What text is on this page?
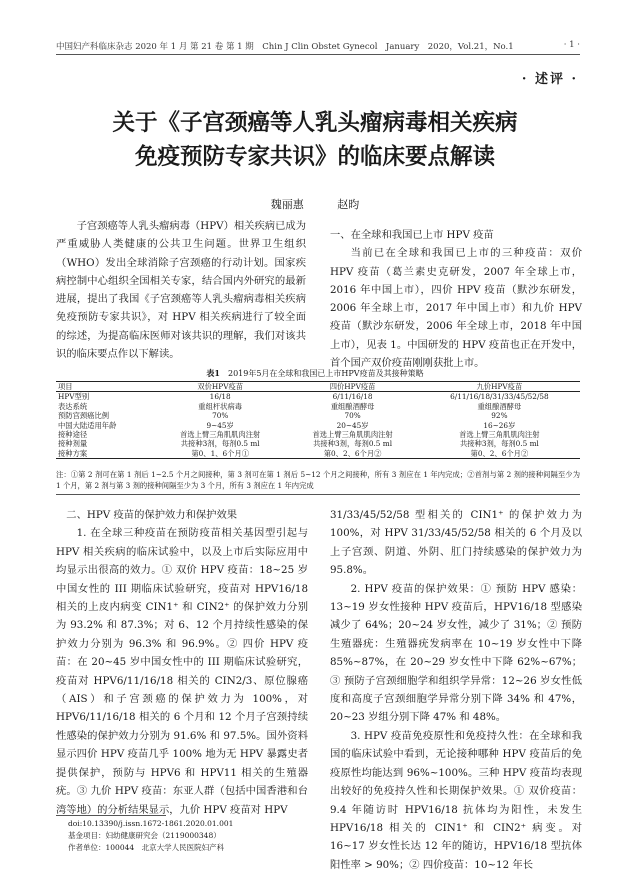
中国妇产科临床杂志 2020 年 1 月 第 21 卷 第 1 期　Chin J Clin Obstet Gynecol　January　2020，Vol.21，No.1	· 1 ·
· 述评 ·
关于《子宫颈癌等人乳头瘤病毒相关疾病
免疫预防专家共识》的临床要点解读
魏丽惠 赵昀
子宫颈癌等人乳头瘤病毒（HPV）相关疾病已成为严重威胁人类健康的公共卫生问题。世界卫生组织（WHO）发出全球消除子宫颈癌的行动计划。国家疾病控制中心组织全国相关专家，结合国内外研究的最新进展，提出了我国《子宫颈癌等人乳头瘤病毒相关疾病免疫预防专家共识》，对 HPV 相关疾病进行了较全面的综述，为提高临床医师对该共识的理解，我们对该共识的临床要点作以下解读。
一、在全球和我国已上市 HPV 疫苗
当前已在全球和我国已上市的三种疫苗：双价 HPV 疫苗（葛兰素史克研发，2007 年全球上市，2016 年中国上市），四价 HPV 疫苗（默沙东研发，2006 年全球上市，2017 年中国上市）和九价 HPV 疫苗（默沙东研发，2006 年全球上市，2018 年中国上市），见表 1。中国研发的 HPV 疫苗也正在开发中，首个国产双价疫苗刚刚获批上市。
表1 2019年5月在全球和我国已上市HPV疫苗及其接种策略
项目	双价HPV疫苗	四价HPV疫苗	九价HPV疫苗
HPV型别	16/18	6/11/16/18	6/11/16/18/31/33/45/52/58
表达系统	重组杆状病毒	重组酿酒酵母	重组酿酒酵母
预防宫颈癌比例	70%	70%	92%
中国大陆适用年龄	9~45岁	20~45岁	16~26岁
接种途径	首选上臂三角肌肌肉注射	首选上臂三角肌肌肉注射	首选上臂三角肌肌肉注射
接种剂量	共接种3剂，每剂0.5 ml	共接种3剂，每剂0.5 ml	共接种3剂，每剂0.5 ml
接种方案	第0、1、6个月①	第0、2、6个月②	第0、2、6个月②
注：①第 2 剂可在第 1 剂后 1~2.5 个月之间接种，第 3 剂可在第 1 剂后 5~12 个月之间接种，所有 3 剂应在 1 年内完成；②首剂与第 2 剂的接种间隔至少为 1 个月，第 2 剂与第 3 剂的接种间隔至少为 3 个月，所有 3 剂应在 1 年内完成
二、HPV 疫苗的保护效力和保护效果
1. 在全球三种疫苗在预防疫苗相关基因型引起与 HPV 相关疾病的临床试验中，以及上市后实际应用中均显示出很高的效力。① 双价 HPV 疫苗：18~25 岁中国女性的 III 期临床试验研究，疫苗对 HPV16/18 相关的上皮内病变 CIN1⁺ 和 CIN2⁺ 的保护效力分别为 93.2% 和 87.3%；对 6、12 个月持续性感染的保护效力分别为 96.3% 和 96.9%。② 四价 HPV 疫苗：在 20~45 岁中国女性中的 III 期临床试验研究，疫苗对 HPV6/11/16/18 相关的 CIN2/3、原位腺癌（AIS）和子宫颈癌的保护效力为 100%，对 HPV6/11/16/18 相关的 6 个月和 12 个月子宫颈持续性感染的保护效力分别为 91.6% 和 97.5%。国外资料显示四价 HPV 疫苗几乎 100% 地为无 HPV 暴露史者提供保护，预防与 HPV6 和 HPV11 相关的生殖器疣。③ 九价 HPV 疫苗：东亚人群（包括中国香港和台湾等地）的分析结果显示，九价 HPV 疫苗对 HPV
31/33/45/52/58 型相关的 CIN1⁺ 的保护效力为 100%，对 HPV 31/33/45/52/58 相关的 6 个月及以上子宫颈、阴道、外阴、肛门持续感染的保护效力为 95.8%。
2. HPV 疫苗的保护效果：① 预防 HPV 感染：13~19 岁女性接种 HPV 疫苗后，HPV16/18 型感染减少了 64%；20~24 岁女性，减少了 31%；② 预防生殖器疣：生殖器疣发病率在 10~19 岁女性中下降 85%~87%，在 20~29 岁女性中下降 62%~67%；③ 预防子宫颈细胞学和组织学异常：12~26 岁女性低度和高度子宫颈细胞学异常分别下降 34% 和 47%，20~23 岁组分别下降 47% 和 48%。
3. HPV 疫苗免疫原性和免疫持久性：在全球和我国的临床试验中看到，无论接种哪种 HPV 疫苗后的免疫原性均能达到 96%~100%。三种 HPV 疫苗均表现出较好的免疫持久性和长期保护效果。① 双价疫苗：9.4 年随访时 HPV16/18 抗体均为阳性，未发生 HPV16/18 相关的 CIN1⁺ 和 CIN2⁺ 病变。对 16~17 岁女性长达 12 年的随访，HPV16/18 型抗体阳性率 > 90%；② 四价疫苗：10~12 年长
doi:10.13390/j.issn.1672-1861.2020.01.001
基金项目：妇幼健康研究会（2119000348）
作者单位：100044　北京大学人民医院妇产科
